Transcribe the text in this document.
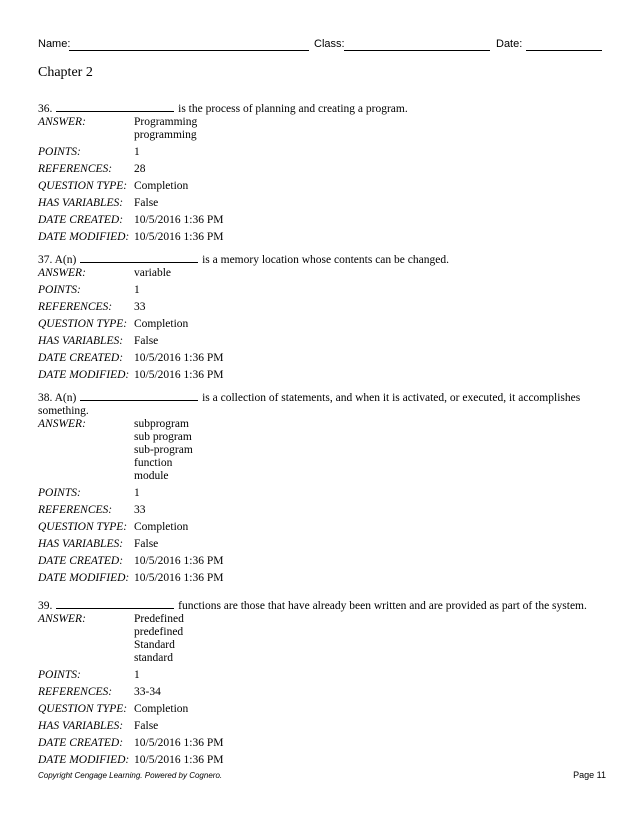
Name:	Class:	Date:
Chapter 2
36.	is the process of planning and creating a program.
ANSWER:	Programming
programming
POINTS:	1
REFERENCES:	28
QUESTION TYPE: Completion
HAS VARIABLES: False
DATE CREATED: 10/5/2016 1:36 PM
DATE MODIFIED: 10/5/2016 1:36 PM
37. A(n)	is a memory location whose contents can be changed.
ANSWER:	variable
POINTS:	1
REFERENCES:	33
QUESTION TYPE: Completion
HAS VARIABLES: False
DATE CREATED: 10/5/2016 1:36 PM
DATE MODIFIED: 10/5/2016 1:36 PM
38. A(n)	is a collection of statements, and when it is activated, or executed, it accomplishes something.
ANSWER:	subprogram
sub program
sub-program
function
module
POINTS:	1
REFERENCES:	33
QUESTION TYPE: Completion
HAS VARIABLES: False
DATE CREATED: 10/5/2016 1:36 PM
DATE MODIFIED: 10/5/2016 1:36 PM
39.	functions are those that have already been written and are provided as part of the system.
ANSWER:	Predefined
predefined
Standard
standard
POINTS:	1
REFERENCES:	33-34
QUESTION TYPE: Completion
HAS VARIABLES: False
DATE CREATED: 10/5/2016 1:36 PM
DATE MODIFIED: 10/5/2016 1:36 PM
Copyright Cengage Learning. Powered by Cognero.	Page 11
